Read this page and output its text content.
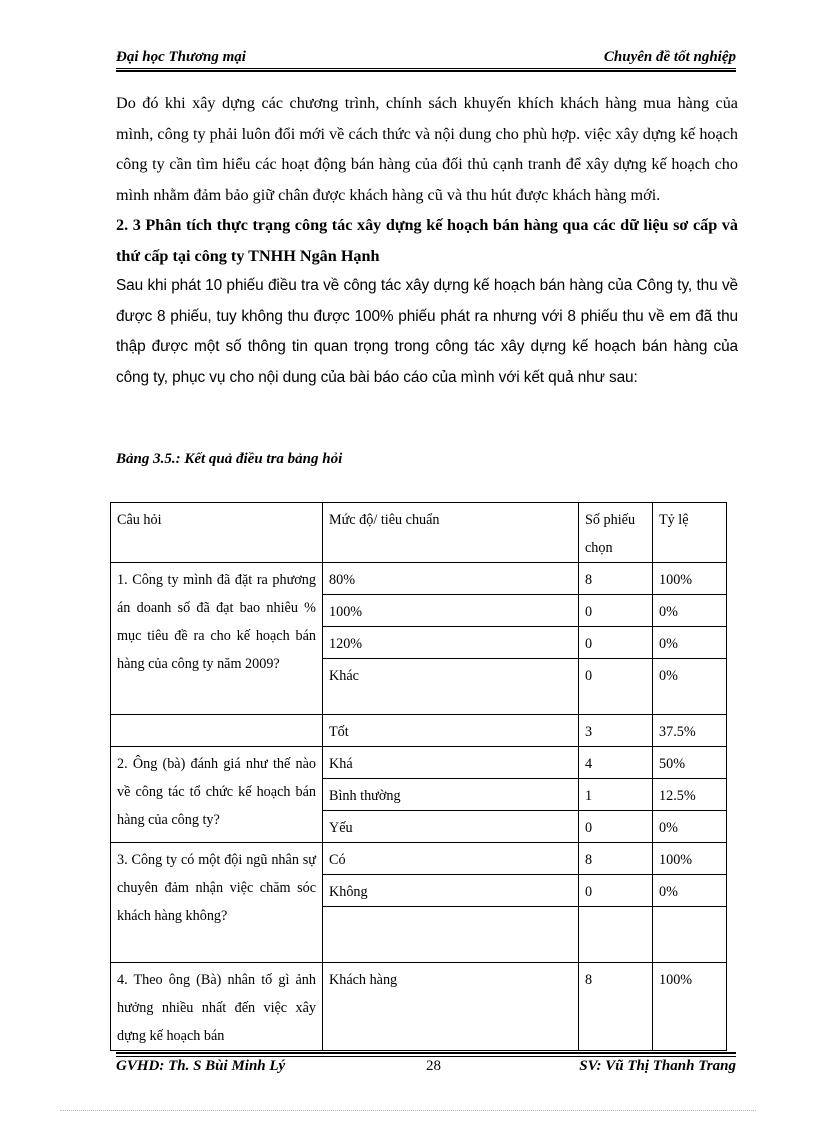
Đại học Thương mại	Chuyên đề tốt nghiệp

Do đó khi xây dựng các chương trình, chính sách khuyến khích khách hàng mua hàng của mình, công ty phải luôn đổi mới về cách thức và nội dung cho phù hợp. việc xây dựng kế hoạch công ty cần tìm hiểu các hoạt động bán hàng của đối thủ cạnh tranh để xây dựng kế hoạch cho mình nhằm đảm bảo giữ chân được khách hàng cũ và thu hút được khách hàng mới.

2. 3 Phân tích thực trạng công tác xây dựng kế hoạch bán hàng qua các dữ liệu sơ cấp và thứ cấp tại công ty TNHH Ngân Hạnh

Sau khi phát 10 phiếu điều tra về công tác xây dựng kế hoạch bán hàng của Công ty, thu về được 8 phiếu, tuy không thu được 100% phiếu phát ra nhưng với 8 phiếu thu về em đã thu thập được một số thông tin quan trọng trong công tác xây dựng kế hoạch bán hàng của công ty, phục vụ cho nội dung của bài báo cáo của mình với kết quả như sau:

Bảng 3.5.: Kết quả điều tra bảng hỏi
Câu hỏi	Mức độ/ tiêu chuẩn	Số phiếu chọn	Tỷ lệ
1. Công ty mình đã đặt ra phương án doanh số đã đạt bao nhiêu % mục tiêu đề ra cho kế hoạch bán hàng của công ty năm 2009?	80%	8	100%
	100%	0	0%
	120%	0	0%
	Khác	0	0%
	Tốt	3	37.5%
2. Ông (bà) đánh giá như thế nào về công tác tổ chức kế hoạch bán hàng của công ty?	Khá	4	50%
	Bình thường	1	12.5%
	Yếu	0	0%
3. Công ty có một đội ngũ nhân sự chuyên đảm nhận việc chăm sóc khách hàng không?	Có	8	100%
	Không	0	0%

4. Theo ông (Bà) nhân tố gì ảnh hưởng nhiều nhất đến việc xây dựng kế hoạch bán	Khách hàng	8	100%
GVHD: Th. S Bùi Minh Lý	28	SV: Vũ Thị Thanh Trang
